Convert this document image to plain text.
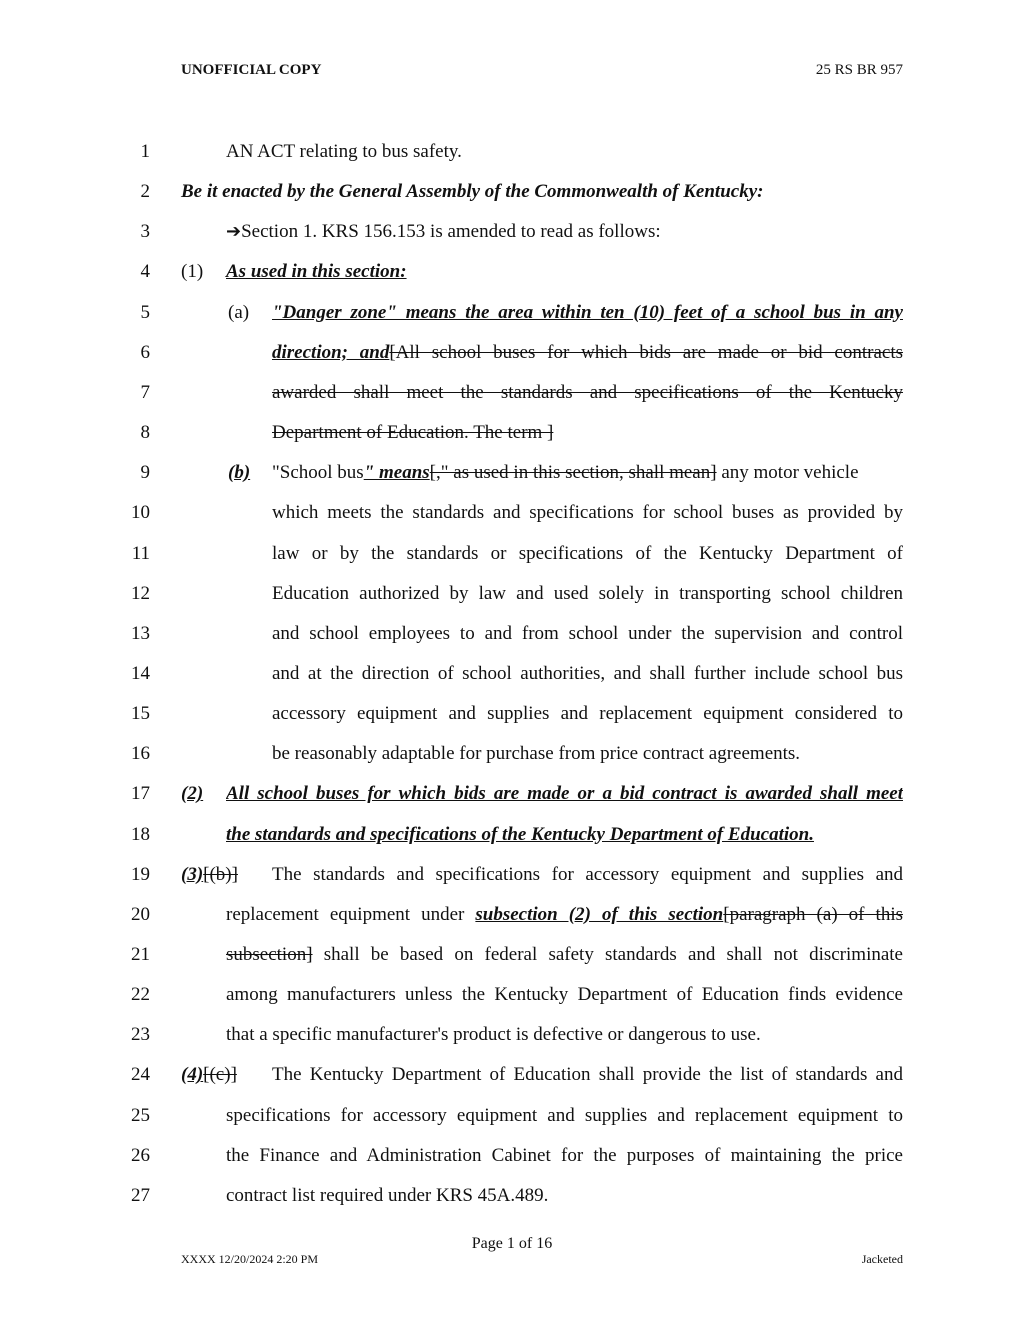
UNOFFICIAL COPY	25 RS BR 957
1	AN ACT relating to bus safety.
2 Be it enacted by the General Assembly of the Commonwealth of Kentucky:
3	➔Section 1. KRS 156.153 is amended to read as follows:
4 (1) As used in this section:
5	(a) "Danger zone" means the area within ten (10) feet of a school bus in any
6	direction; and[All school buses for which bids are made or bid contracts
7	awarded shall meet the standards and specifications of the Kentucky
8	Department of Education. The term ]
9	(b) "School bus" means[," as used in this section, shall mean] any motor vehicle
10	which meets the standards and specifications for school buses as provided by
11	law or by the standards or specifications of the Kentucky Department of
12	Education authorized by law and used solely in transporting school children
13	and school employees to and from school under the supervision and control
14	and at the direction of school authorities, and shall further include school bus
15	accessory equipment and supplies and replacement equipment considered to
16	be reasonably adaptable for purchase from price contract agreements.
17 (2) All school buses for which bids are made or a bid contract is awarded shall meet
18	the standards and specifications of the Kentucky Department of Education.
19 (3)[(b)] The standards and specifications for accessory equipment and supplies and
20	replacement equipment under subsection (2) of this section[paragraph (a) of this
21	subsection] shall be based on federal safety standards and shall not discriminate
22	among manufacturers unless the Kentucky Department of Education finds evidence
23	that a specific manufacturer's product is defective or dangerous to use.
24 (4)[(c)] The Kentucky Department of Education shall provide the list of standards and
25	specifications for accessory equipment and supplies and replacement equipment to
26	the Finance and Administration Cabinet for the purposes of maintaining the price
27	contract list required under KRS 45A.489.
Page 1 of 16
XXXX 12/20/2024 2:20 PM	Jacketed
